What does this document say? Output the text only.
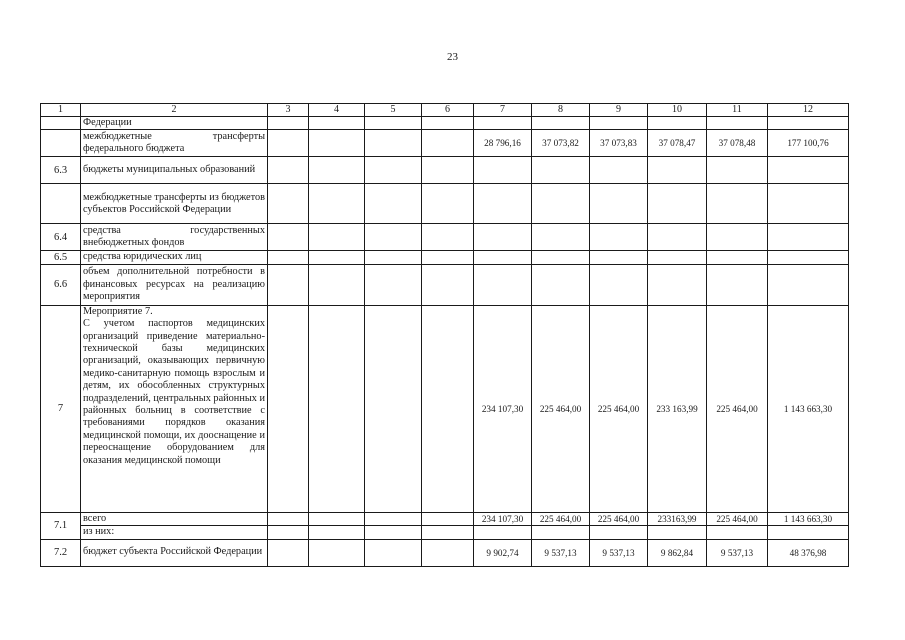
23
1	2	3	4	5	6	7	8	9	10	11	12
	Федерации										
	межбюджетные трансферты федерального бюджета					28 796,16	37 073,82	37 073,83	37 078,47	37 078,48	177 100,76
6.3	бюджеты муниципальных образований										
	межбюджетные трансферты из бюджетов субъектов Российской Федерации										
6.4	средства государственных внебюджетных фондов										
6.5	средства юридических лиц										
6.6	объем дополнительной потребности в финансовых ресурсах на реализацию мероприятия										
7	Мероприятие 7.
С учетом паспортов медицинских организаций приведение материально-технической базы медицинских организаций, оказывающих первичную медико-санитарную помощь взрослым и детям, их обособленных структурных подразделений, центральных районных и районных больниц в соответствие с требованиями порядков оказания медицинской помощи, их дооснащение и переоснащение оборудованием для оказания медицинской помощи					234 107,30	225 464,00	225 464,00	233 163,99	225 464,00	1 143 663,30
7.1	всего					234 107,30	225 464,00	225 464,00	233163,99	225 464,00	1 143 663,30
	из них:										
7.2	бюджет субъекта Российской Федерации					9 902,74	9 537,13	9 537,13	9 862,84	9 537,13	48 376,98
